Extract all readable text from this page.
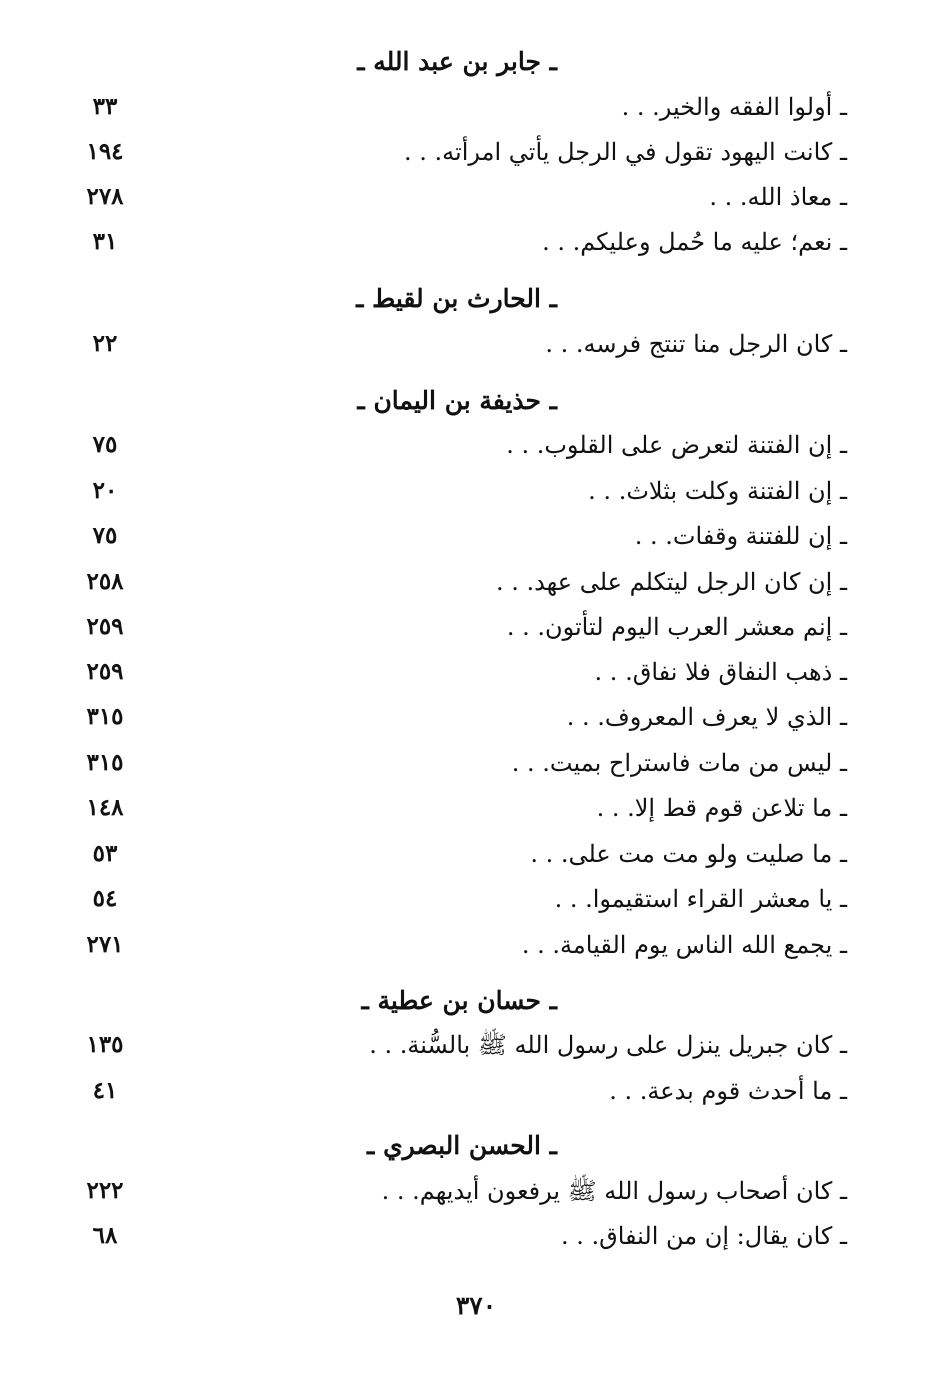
ـ جابر بن عبد الله ـ
ـ أولوا الفقه والخير. . .
٣٣
ـ كانت اليهود تقول في الرجل يأتي امرأته. . .
١٩٤
ـ معاذ الله. . .
٢٧٨
ـ نعم؛ عليه ما حُمل وعليكم. . .
٣١
ـ الحارث بن لقيط ـ
ـ كان الرجل منا تنتج فرسه. . .
٢٢
ـ حذيفة بن اليمان ـ
ـ إن الفتنة لتعرض على القلوب. . .
٧٥
ـ إن الفتنة وكلت بثلاث. . .
٢٠
ـ إن للفتنة وقفات. . .
٧٥
ـ إن كان الرجل ليتكلم على عهد. . .
٢٥٨
ـ إنم معشر العرب اليوم لتأتون. . .
٢٥٩
ـ ذهب النفاق فلا نفاق. . .
٢٥٩
ـ الذي لا يعرف المعروف. . .
٣١٥
ـ ليس من مات فاستراح بميت. . .
٣١٥
ـ ما تلاعن قوم قط إلا. . .
١٤٨
ـ ما صليت ولو مت مت على. . .
٥٣
ـ يا معشر القراء استقيموا. . .
٥٤
ـ يجمع الله الناس يوم القيامة. . .
٢٧١
ـ حسان بن عطية ـ
ـ كان جبريل ينزل على رسول الله ﷺ بالسُّنة. . .
١٣٥
ـ ما أحدث قوم بدعة. . .
٤١
ـ الحسن البصري ـ
ـ كان أصحاب رسول الله ﷺ يرفعون أيديهم. . .
٢٢٢
ـ كان يقال: إن من النفاق. . .
٦٨
٣٧٠
